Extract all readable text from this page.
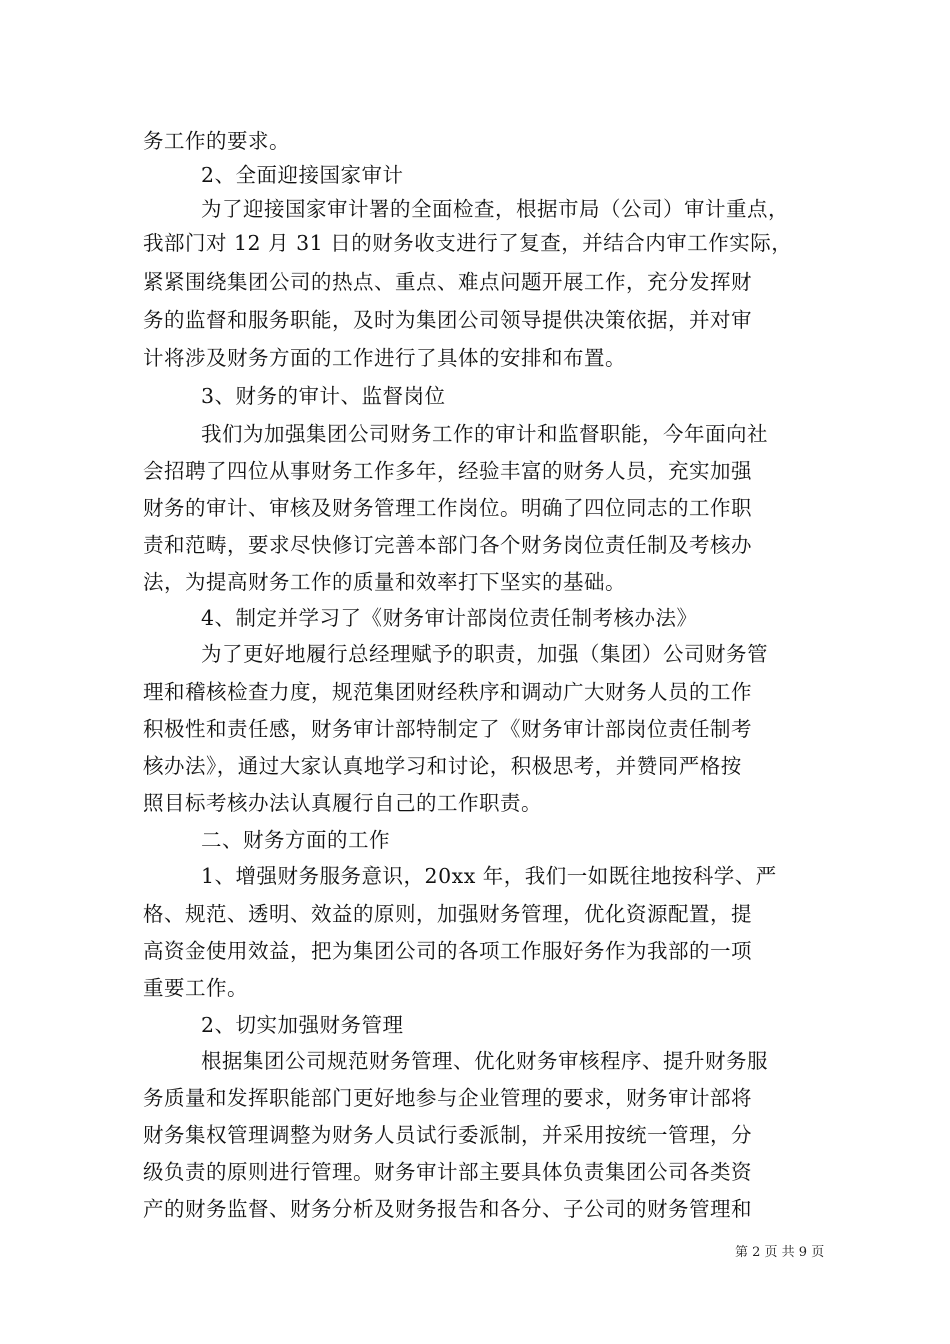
务工作的要求。
2、全面迎接国家审计
为了迎接国家审计署的全面检查，根据市局（公司）审计重点，
我部门对 12 月 31 日的财务收支进行了复查，并结合内审工作实际，
紧紧围绕集团公司的热点、重点、难点问题开展工作，充分发挥财
务的监督和服务职能，及时为集团公司领导提供决策依据，并对审
计将涉及财务方面的工作进行了具体的安排和布置。
3、财务的审计、监督岗位
我们为加强集团公司财务工作的审计和监督职能，今年面向社
会招聘了四位从事财务工作多年，经验丰富的财务人员，充实加强
财务的审计、审核及财务管理工作岗位。明确了四位同志的工作职
责和范畴，要求尽快修订完善本部门各个财务岗位责任制及考核办
法，为提高财务工作的质量和效率打下坚实的基础。
4、制定并学习了《财务审计部岗位责任制考核办法》
为了更好地履行总经理赋予的职责，加强（集团）公司财务管
理和稽核检查力度，规范集团财经秩序和调动广大财务人员的工作
积极性和责任感，财务审计部特制定了《财务审计部岗位责任制考
核办法》，通过大家认真地学习和讨论，积极思考，并赞同严格按
照目标考核办法认真履行自己的工作职责。
二、财务方面的工作
1、增强财务服务意识，20xx 年，我们一如既往地按科学、严
格、规范、透明、效益的原则，加强财务管理，优化资源配置，提
高资金使用效益，把为集团公司的各项工作服好务作为我部的一项
重要工作。
2、切实加强财务管理
根据集团公司规范财务管理、优化财务审核程序、提升财务服
务质量和发挥职能部门更好地参与企业管理的要求，财务审计部将
财务集权管理调整为财务人员试行委派制，并采用按统一管理，分
级负责的原则进行管理。财务审计部主要具体负责集团公司各类资
产的财务监督、财务分析及财务报告和各分、子公司的财务管理和
第 2 页 共 9 页
